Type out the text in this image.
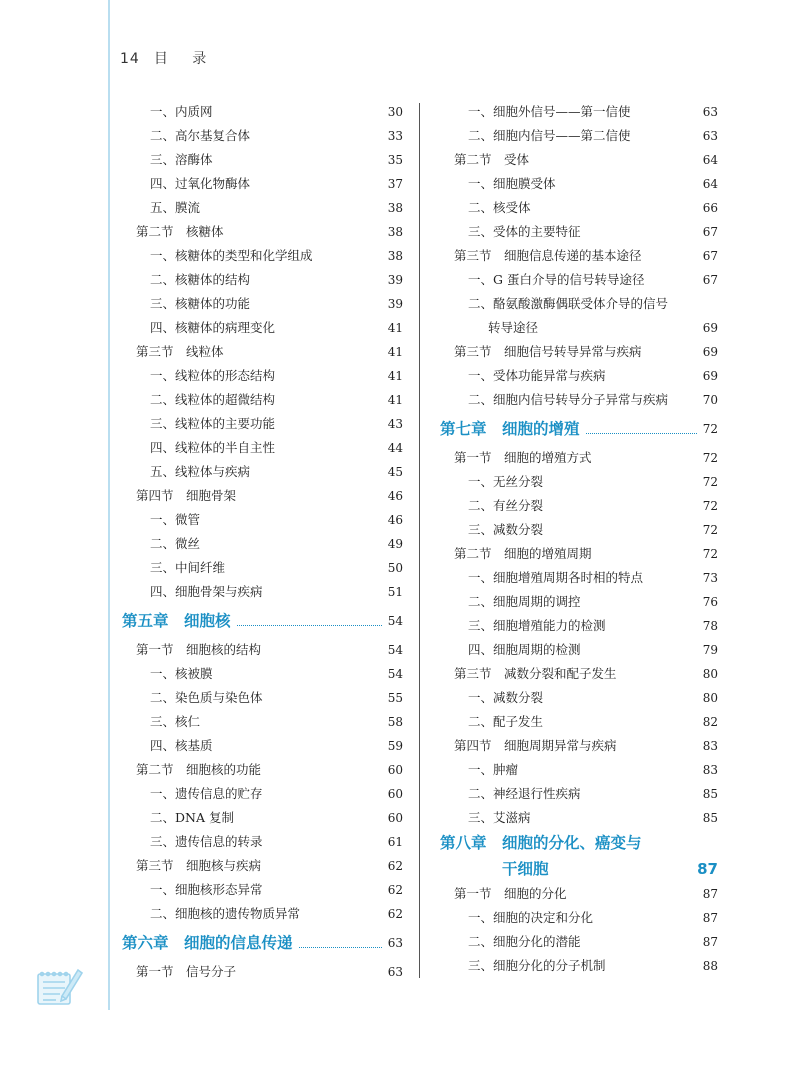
14 目 录
一、内质网	30
二、高尔基复合体	33
三、溶酶体	35
四、过氧化物酶体	37
五、膜流	38
第二节　核糖体	38
一、核糖体的类型和化学组成	38
二、核糖体的结构	39
三、核糖体的功能	39
四、核糖体的病理变化	41
第三节　线粒体	41
一、线粒体的形态结构	41
二、线粒体的超微结构	41
三、线粒体的主要功能	43
四、线粒体的半自主性	44
五、线粒体与疾病	45
第四节　细胞骨架	46
一、微管	46
二、微丝	49
三、中间纤维	50
四、细胞骨架与疾病	51
第五章　细胞核	54
第一节　细胞核的结构	54
一、核被膜	54
二、染色质与染色体	55
三、核仁	58
四、核基质	59
第二节　细胞核的功能	60
一、遗传信息的贮存	60
二、DNA 复制	60
三、遗传信息的转录	61
第三节　细胞核与疾病	62
一、细胞核形态异常	62
二、细胞核的遗传物质异常	62
第六章　细胞的信息传递	63
第一节　信号分子	63
一、细胞外信号——第一信使	63
二、细胞内信号——第二信使	63
第二节　受体	64
一、细胞膜受体	64
二、核受体	66
三、受体的主要特征	67
第三节　细胞信息传递的基本途径	67
一、G 蛋白介导的信号转导途径	67
二、酪氨酸激酶偶联受体介导的信号
转导途径	69
第三节　细胞信号转导异常与疾病	69
一、受体功能异常与疾病	69
二、细胞内信号转导分子异常与疾病	70
第七章　细胞的增殖	72
第一节　细胞的增殖方式	72
一、无丝分裂	72
二、有丝分裂	72
三、减数分裂	72
第二节　细胞的增殖周期	72
一、细胞增殖周期各时相的特点	73
二、细胞周期的调控	76
三、细胞增殖能力的检测	78
四、细胞周期的检测	79
第三节　减数分裂和配子发生	80
一、减数分裂	80
二、配子发生	82
第四节　细胞周期异常与疾病	83
一、肿瘤	83
二、神经退行性疾病	85
三、艾滋病	85
第八章　细胞的分化、癌变与
干细胞	87
第一节　细胞的分化	87
一、细胞的决定和分化	87
二、细胞分化的潜能	87
三、细胞分化的分子机制	88
